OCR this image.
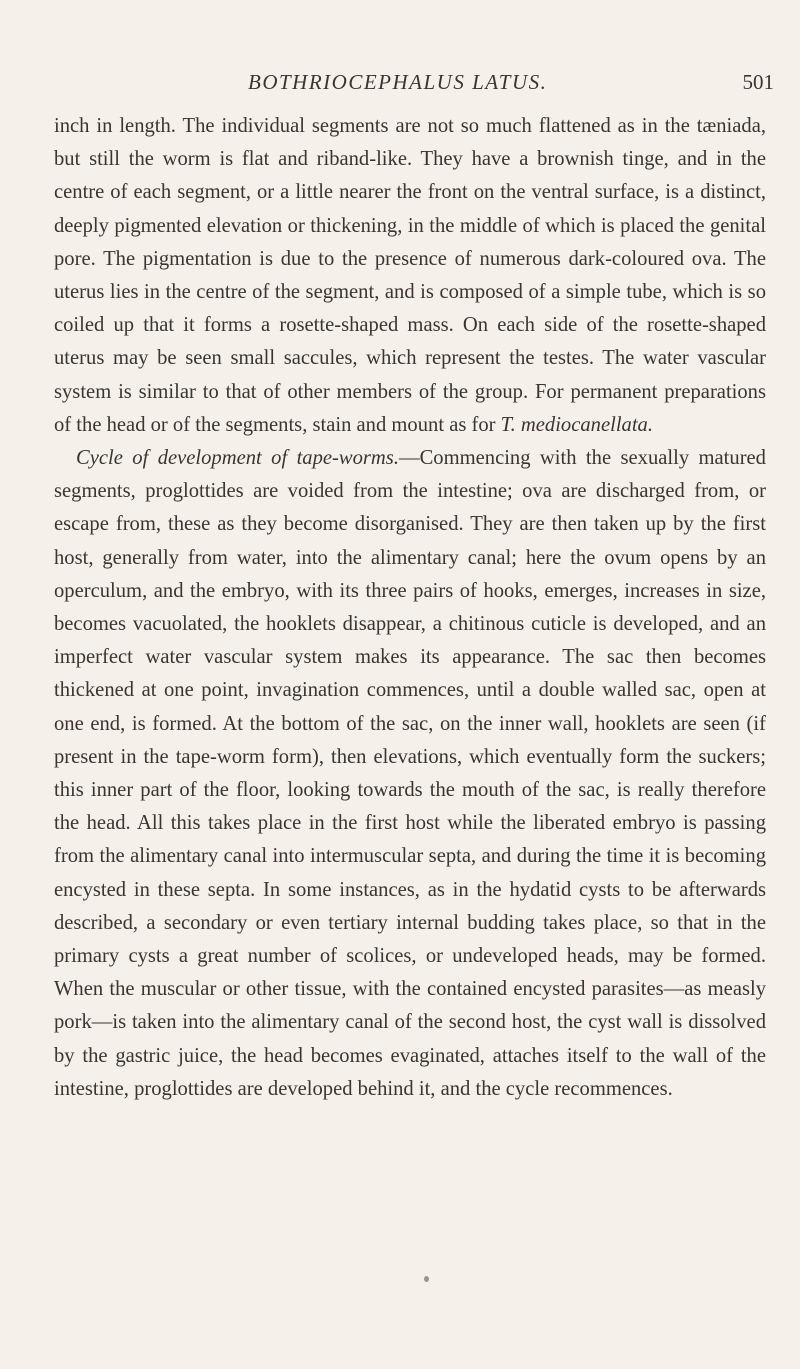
BOTHRIOCEPHALUS LATUS.	501

inch in length. The individual segments are not so much flattened as in the tæniada, but still the worm is flat and riband-like. They have a brownish tinge, and in the centre of each segment, or a little nearer the front on the ventral surface, is a distinct, deeply pigmented elevation or thickening, in the middle of which is placed the genital pore. The pigmentation is due to the presence of numerous dark-coloured ova. The uterus lies in the centre of the segment, and is composed of a simple tube, which is so coiled up that it forms a rosette-shaped mass. On each side of the rosette-shaped uterus may be seen small saccules, which represent the testes. The water vascular system is similar to that of other members of the group. For permanent preparations of the head or of the segments, stain and mount as for T. mediocanellata.

Cycle of development of tape-worms.—Commencing with the sexually matured segments, proglottides are voided from the intestine; ova are discharged from, or escape from, these as they become disorganised. They are then taken up by the first host, generally from water, into the alimentary canal; here the ovum opens by an operculum, and the embryo, with its three pairs of hooks, emerges, increases in size, becomes vacuolated, the hooklets disappear, a chitinous cuticle is developed, and an imperfect water vascular system makes its appearance. The sac then becomes thickened at one point, invagination commences, until a double walled sac, open at one end, is formed. At the bottom of the sac, on the inner wall, hooklets are seen (if present in the tape-worm form), then elevations, which eventually form the suckers; this inner part of the floor, looking towards the mouth of the sac, is really therefore the head. All this takes place in the first host while the liberated embryo is passing from the alimentary canal into intermuscular septa, and during the time it is becoming encysted in these septa. In some instances, as in the hydatid cysts to be afterwards described, a secondary or even tertiary internal budding takes place, so that in the primary cysts a great number of scolices, or undeveloped heads, may be formed. When the muscular or other tissue, with the contained encysted parasites—as measly pork—is taken into the alimentary canal of the second host, the cyst wall is dissolved by the gastric juice, the head becomes evaginated, attaches itself to the wall of the intestine, proglottides are developed behind it, and the cycle recommences.
